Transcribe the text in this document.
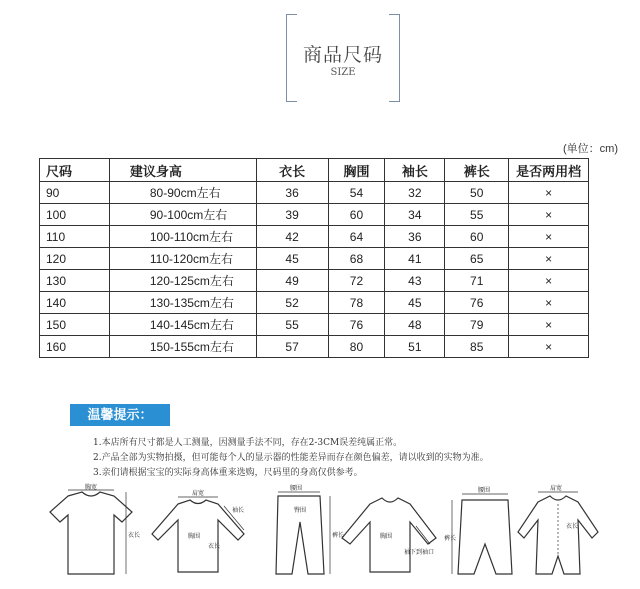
商品尺码
SIZE
(单位：cm)
尺码	建议身高	衣长	胸围	袖长	裤长	是否两用档
90	80-90cm左右	36	54	32	50	×
100	90-100cm左右	39	60	34	55	×
110	100-110cm左右	42	64	36	60	×
120	110-120cm左右	45	68	41	65	×
130	120-125cm左右	49	72	43	71	×
140	130-135cm左右	52	78	45	76	×
150	140-145cm左右	55	76	48	79	×
160	150-155cm左右	57	80	51	85	×
温馨提示：
1.本店所有尺寸都是人工测量，因测量手法不同，存在2-3CM误差纯属正常。
2.产品全部为实物拍摄，但可能每个人的显示器的性能差异而存在颜色偏差，请以收到的实物为准。
3.亲们请根据宝宝的实际身高体重来选购，尺码里的身高仅供参考。
胸宽
衣长
肩宽
袖长
胸围
衣长
腰围
臀围
裤长	胸围
袖下到袖口
腰围
裤长
肩宽
衣长
